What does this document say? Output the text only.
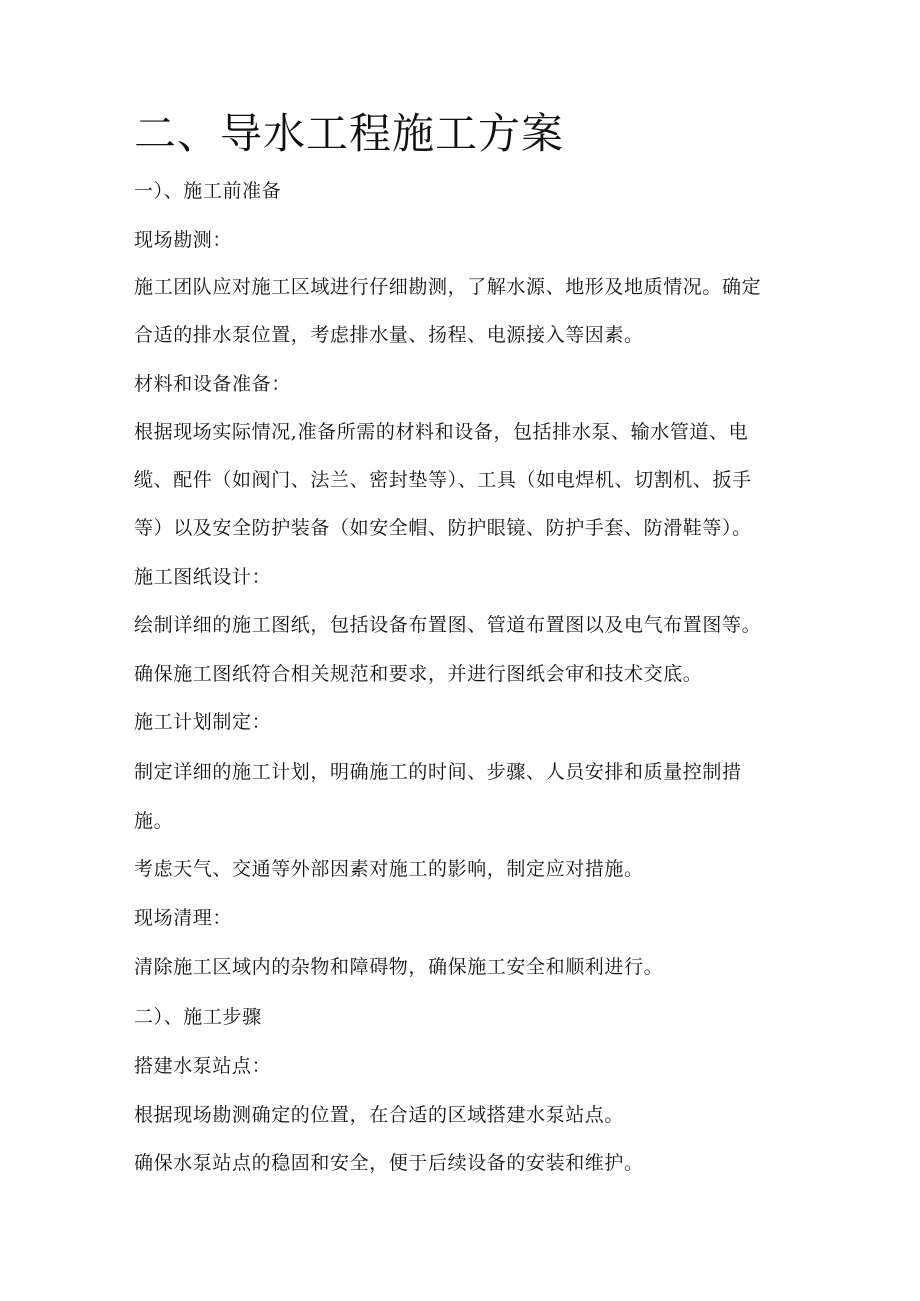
二、导水工程施工方案
一）、施工前准备
现场勘测：
施工团队应对施工区域进行仔细勘测，了解水源、地形及地质情况。确定
合适的排水泵位置，考虑排水量、扬程、电源接入等因素。
材料和设备准备：
根据现场实际情况,准备所需的材料和设备，包括排水泵、输水管道、电
缆、配件（如阀门、法兰、密封垫等）、工具（如电焊机、切割机、扳手
等）以及安全防护装备（如安全帽、防护眼镜、防护手套、防滑鞋等）。
施工图纸设计：
绘制详细的施工图纸，包括设备布置图、管道布置图以及电气布置图等。
确保施工图纸符合相关规范和要求，并进行图纸会审和技术交底。
施工计划制定：
制定详细的施工计划，明确施工的时间、步骤、人员安排和质量控制措
施。
考虑天气、交通等外部因素对施工的影响，制定应对措施。
现场清理：
清除施工区域内的杂物和障碍物，确保施工安全和顺利进行。
二）、施工步骤
搭建水泵站点：
根据现场勘测确定的位置，在合适的区域搭建水泵站点。
确保水泵站点的稳固和安全，便于后续设备的安装和维护。
